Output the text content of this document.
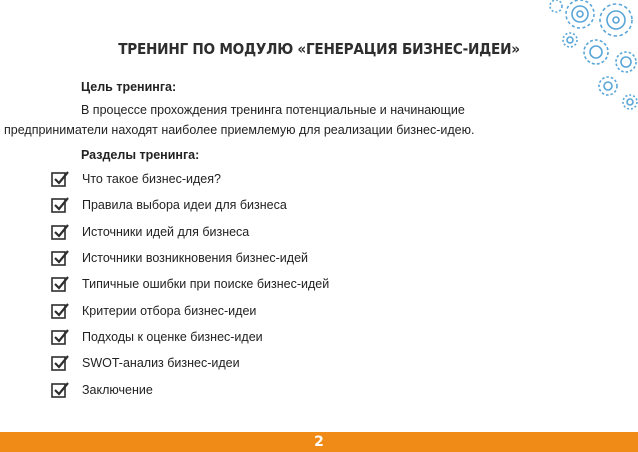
ТРЕНИНГ ПО МОДУЛЮ «ГЕНЕРАЦИЯ БИЗНЕС-ИДЕИ»
Цель тренинга:
В процессе прохождения тренинга потенциальные и начинающие
предприниматели находят наиболее приемлемую для реализации бизнес-идею.
Разделы тренинга:
Что такое бизнес-идея?
Правила выбора идеи для бизнеса
Источники идей для бизнеса
Источники возникновения бизнес-идей
Типичные ошибки при поиске бизнес-идей
Критерии отбора бизнес-идеи
Подходы к оценке бизнес-идеи
SWOT-анализ бизнес-идеи
Заключение
2
